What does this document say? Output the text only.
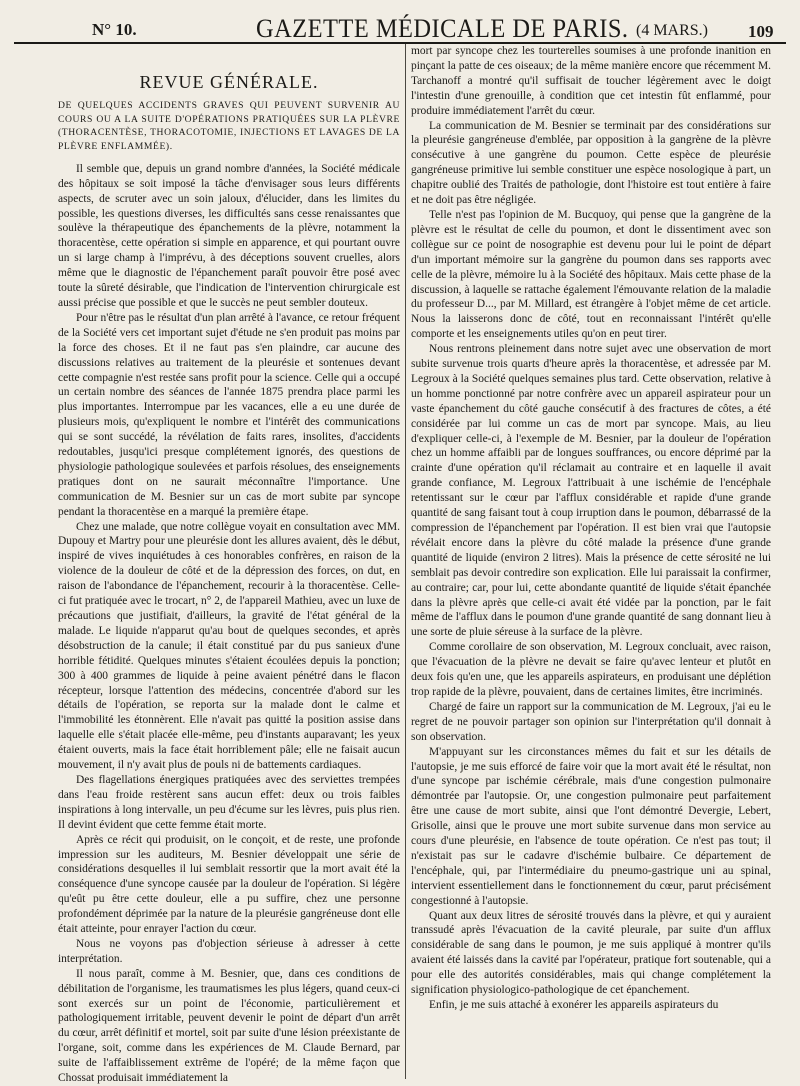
N° 10.	GAZETTE MÉDICALE DE PARIS. (4 MARS.) 109
REVUE GÉNÉRALE.
DE QUELQUES ACCIDENTS GRAVES QUI PEUVENT SURVENIR AU COURS OU A LA SUITE D'OPÉRATIONS PRATIQUÉES SUR LA PLÈVRE (THORACENTÈSE, THORACOTOMIE, INJECTIONS ET LAVAGES DE LA PLÈVRE ENFLAMMÉE).

Il semble que, depuis un grand nombre d'années, la Société médicale des hôpitaux se soit imposé la tâche d'envisager sous leurs différents aspects, de scruter avec un soin jaloux, d'élucider, dans les limites du possible, les questions diverses, les difficultés sans cesse renaissantes que soulève la thérapeutique des épanchements de la plèvre, notamment la thoracentèse, cette opération si simple en apparence, et qui pourtant ouvre un si large champ à l'imprévu, à des déceptions souvent cruelles, alors même que le diagnostic de l'épanchement paraît pouvoir être posé avec toute la sûreté désirable, que l'indication de l'intervention chirurgicale est aussi précise que possible et que le succès ne peut sembler douteux.

Pour n'être pas le résultat d'un plan arrêté à l'avance, ce retour fréquent de la Société vers cet important sujet d'étude ne s'en produit pas moins par la force des choses. Et il ne faut pas s'en plaindre, car aucune des discussions relatives au traitement de la pleurésie et sontenues devant cette compagnie n'est restée sans profit pour la science. Celle qui a occupé un certain nombre des séances de l'année 1875 prendra place parmi les plus importantes. Interrompue par les vacances, elle a eu une durée de plusieurs mois, qu'expliquent le nombre et l'intérêt des communications qui se sont succédé, la révélation de faits rares, insolites, d'accidents redoutables, jusqu'ici presque complétement ignorés, des questions de physiologie pathologique soulevées et parfois résolues, des enseignements pratiques dont on ne saurait méconnaître l'importance. Une communication de M. Besnier sur un cas de mort subite par syncope pendant la thoracentèse en a marqué la première étape.

Chez une malade, que notre collègue voyait en consultation avec MM. Dupouy et Martry pour une pleurésie dont les allures avaient, dès le début, inspiré de vives inquiétudes à ces honorables confrères, en raison de la violence de la douleur de côté et de la dépression des forces, on dut, en raison de l'abondance de l'épanchement, recourir à la thoracentèse. Celle-ci fut pratiquée avec le trocart, n° 2, de l'appareil Mathieu, avec un luxe de précautions que justifiait, d'ailleurs, la gravité de l'état général de la malade. Le liquide n'apparut qu'au bout de quelques secondes, et après désobstruction de la canule; il était constitué par du pus sanieux d'une horrible fétidité. Quelques minutes s'étaient écoulées depuis la ponction; 300 à 400 grammes de liquide à peine avaient pénétré dans le flacon récepteur, lorsque l'attention des médecins, concentrée d'abord sur les détails de l'opération, se reporta sur la malade dont le calme et l'immobilité les étonnèrent. Elle n'avait pas quitté la position assise dans laquelle elle s'était placée elle-même, peu d'instants auparavant; les yeux étaient ouverts, mais la face était horriblement pâle; elle ne faisait aucun mouvement, il n'y avait plus de pouls ni de battements cardiaques.

Des flagellations énergiques pratiquées avec des serviettes trempées dans l'eau froide restèrent sans aucun effet: deux ou trois faibles inspirations à long intervalle, un peu d'écume sur les lèvres, puis plus rien. Il devint évident que cette femme était morte.

Après ce récit qui produisit, on le conçoit, et de reste, une profonde impression sur les auditeurs, M. Besnier développait une série de considérations desquelles il lui semblait ressortir que la mort avait été la conséquence d'une syncope causée par la douleur de l'opération. Si légère qu'eût pu être cette douleur, elle a pu suffire, chez une personne profondément déprimée par la nature de la pleurésie gangréneuse dont elle était atteinte, pour enrayer l'action du cœur.

Nous ne voyons pas d'objection sérieuse à adresser à cette interprétation.

Il nous paraît, comme à M. Besnier, que, dans ces conditions de débilitation de l'organisme, les traumatismes les plus légers, quand ceux-ci sont exercés sur un point de l'économie, particulièrement et pathologiquement irritable, peuvent devenir le point de départ d'un arrêt du cœur, arrêt définitif et mortel, soit par suite d'une lésion préexistante de l'organe, soit, comme dans les expériences de M. Claude Bernard, par suite de l'affaiblissement extrême de l'opéré; de la même façon que Chossat produisait immédiatement la

mort par syncope chez les tourterelles soumises à une profonde inanition en pinçant la patte de ces oiseaux; de la même manière encore que récemment M. Tarchanoff a montré qu'il suffisait de toucher légèrement avec le doigt l'intestin d'une grenouille, à condition que cet intestin fût enflammé, pour produire immédiatement l'arrêt du cœur.

La communication de M. Besnier se terminait par des considérations sur la pleurésie gangréneuse d'emblée, par opposition à la gangrène de la plèvre consécutive à une gangrène du poumon. Cette espèce de pleurésie gangréneuse primitive lui semble constituer une espèce nosologique à part, un chapitre oublié des Traités de pathologie, dont l'histoire est tout entière à faire et ne doit pas être négligée.

Telle n'est pas l'opinion de M. Bucquoy, qui pense que la gangrène de la plèvre est le résultat de celle du poumon, et dont le dissentiment avec son collègue sur ce point de nosographie est devenu pour lui le point de départ d'un important mémoire sur la gangrène du poumon dans ses rapports avec celle de la plèvre, mémoire lu à la Société des hôpitaux. Mais cette phase de la discussion, à laquelle se rattache également l'émouvante relation de la maladie du professeur D..., par M. Millard, est étrangère à l'objet même de cet article. Nous la laisserons donc de côté, tout en reconnaissant l'intérêt qu'elle comporte et les enseignements utiles qu'on en peut tirer.

Nous rentrons pleinement dans notre sujet avec une observation de mort subite survenue trois quarts d'heure après la thoracentèse, et adressée par M. Legroux à la Société quelques semaines plus tard. Cette observation, relative à un homme ponctionné par notre confrère avec un appareil aspirateur pour un vaste épanchement du côté gauche consécutif à des fractures de côtes, a été considérée par lui comme un cas de mort par syncope. Mais, au lieu d'expliquer celle-ci, à l'exemple de M. Besnier, par la douleur de l'opération chez un homme affaibli par de longues souffrances, ou encore déprimé par la crainte d'une opération qu'il réclamait au contraire et en laquelle il avait grande confiance, M. Legroux l'attribuait à une ischémie de l'encéphale retentissant sur le cœur par l'afflux considérable et rapide d'une grande quantité de sang faisant tout à coup irruption dans le poumon, débarrassé de la compression de l'épanchement par l'opération. Il est bien vrai que l'autopsie révélait encore dans la plèvre du côté malade la présence d'une grande quantité de liquide (environ 2 litres). Mais la présence de cette sérosité ne lui semblait pas devoir contredire son explication. Elle lui paraissait la confirmer, au contraire; car, pour lui, cette abondante quantité de liquide s'était épanchée dans la plèvre après que celle-ci avait été vidée par la ponction, par le fait même de l'afflux dans le poumon d'une grande quantité de sang donnant lieu à une sorte de pluie séreuse à la surface de la plèvre.

Comme corollaire de son observation, M. Legroux concluait, avec raison, que l'évacuation de la plèvre ne devait se faire qu'avec lenteur et plutôt en deux fois qu'en une, que les appareils aspirateurs, en produisant une déplétion trop rapide de la plèvre, pouvaient, dans de certaines limites, être incriminés.

Chargé de faire un rapport sur la communication de M. Legroux, j'ai eu le regret de ne pouvoir partager son opinion sur l'interprétation qu'il donnait à son observation.

M'appuyant sur les circonstances mêmes du fait et sur les détails de l'autopsie, je me suis efforcé de faire voir que la mort avait été le résultat, non d'une syncope par ischémie cérébrale, mais d'une congestion pulmonaire démontrée par l'autopsie. Or, une congestion pulmonaire peut parfaitement être une cause de mort subite, ainsi que l'ont démontré Devergie, Lebert, Grisolle, ainsi que le prouve une mort subite survenue dans mon service au cours d'une pleurésie, en l'absence de toute opération. Ce n'est pas tout; il n'existait pas sur le cadavre d'ischémie bulbaire. Ce département de l'encéphale, qui, par l'intermédiaire du pneumo-gastrique uni au spinal, intervient essentiellement dans le fonctionnement du cœur, parut précisément congestionné à l'autopsie.

Quant aux deux litres de sérosité trouvés dans la plèvre, et qui y auraient transsudé après l'évacuation de la cavité pleurale, par suite d'un afflux considérable de sang dans le poumon, je me suis appliqué à montrer qu'ils avaient été laissés dans la cavité par l'opérateur, pratique fort soutenable, qui a pour elle des autorités considérables, mais qui change complétement la signification physiologico-pathologique de cet épanchement.

Enfin, je me suis attaché à exonérer les appareils aspirateurs du
